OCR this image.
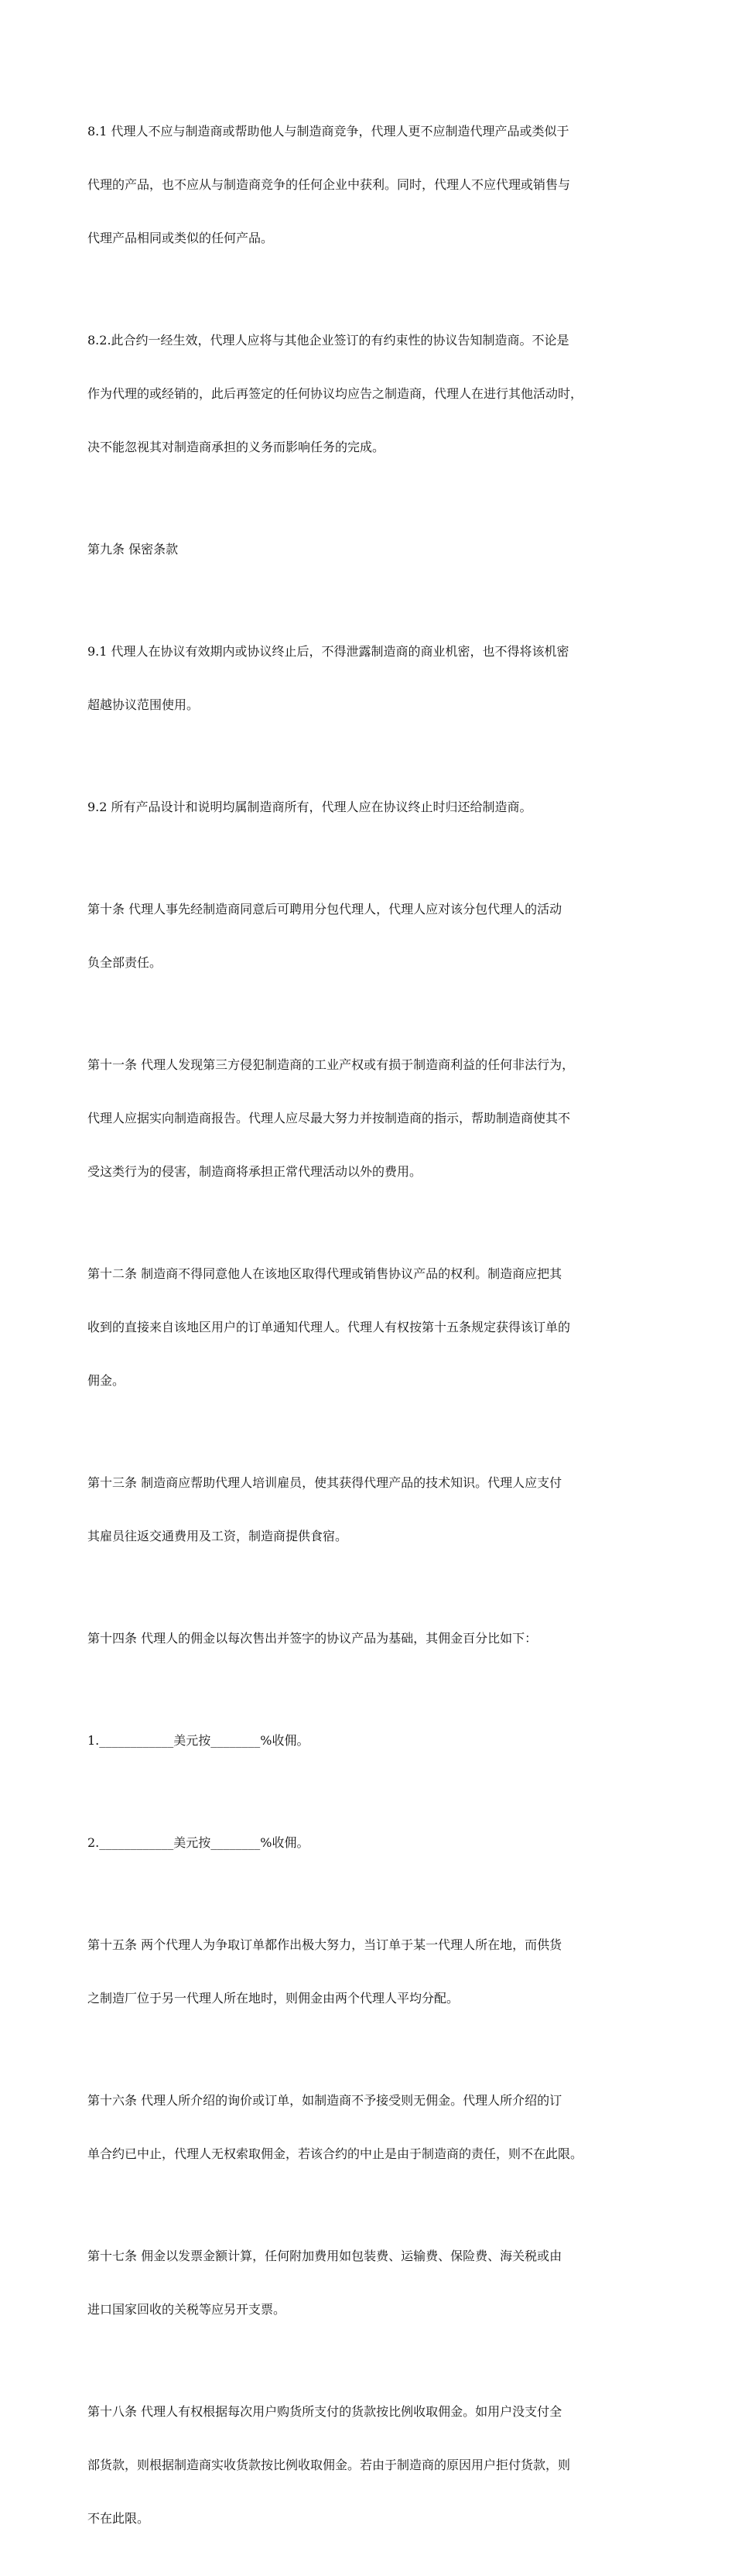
8.1 代理人不应与制造商或帮助他人与制造商竞争，代理人更不应制造代理产品或类似于

代理的产品，也不应从与制造商竞争的任何企业中获利。同时，代理人不应代理或销售与

代理产品相同或类似的任何产品。

8.2.此合约一经生效，代理人应将与其他企业签订的有约束性的协议告知制造商。不论是

作为代理的或经销的，此后再签定的任何协议均应告之制造商，代理人在进行其他活动时，

决不能忽视其对制造商承担的义务而影响任务的完成。

第九条 保密条款

9.1 代理人在协议有效期内或协议终止后，不得泄露制造商的商业机密，也不得将该机密

超越协议范围使用。

9.2 所有产品设计和说明均属制造商所有，代理人应在协议终止时归还给制造商。

第十条 代理人事先经制造商同意后可聘用分包代理人，代理人应对该分包代理人的活动

负全部责任。

第十一条 代理人发现第三方侵犯制造商的工业产权或有损于制造商利益的任何非法行为，

代理人应据实向制造商报告。代理人应尽最大努力并按制造商的指示，帮助制造商使其不

受这类行为的侵害，制造商将承担正常代理活动以外的费用。

第十二条 制造商不得同意他人在该地区取得代理或销售协议产品的权利。制造商应把其

收到的直接来自该地区用户的订单通知代理人。代理人有权按第十五条规定获得该订单的

佣金。

第十三条 制造商应帮助代理人培训雇员，使其获得代理产品的技术知识。代理人应支付

其雇员往返交通费用及工资，制造商提供食宿。

第十四条 代理人的佣金以每次售出并签字的协议产品为基础，其佣金百分比如下：

1.____________美元按________%收佣。

2.____________美元按________%收佣。

第十五条 两个代理人为争取订单都作出极大努力，当订单于某一代理人所在地，而供货

之制造厂位于另一代理人所在地时，则佣金由两个代理人平均分配。

第十六条 代理人所介绍的询价或订单，如制造商不予接受则无佣金。代理人所介绍的订

单合约已中止，代理人无权索取佣金，若该合约的中止是由于制造商的责任，则不在此限。

第十七条 佣金以发票金额计算，任何附加费用如包装费、运输费、保险费、海关税或由

进口国家回收的关税等应另开支票。

第十八条 代理人有权根据每次用户购货所支付的货款按比例收取佣金。如用户没支付全

部货款，则根据制造商实收货款按比例收取佣金。若由于制造商的原因用户拒付货款，则

不在此限。
